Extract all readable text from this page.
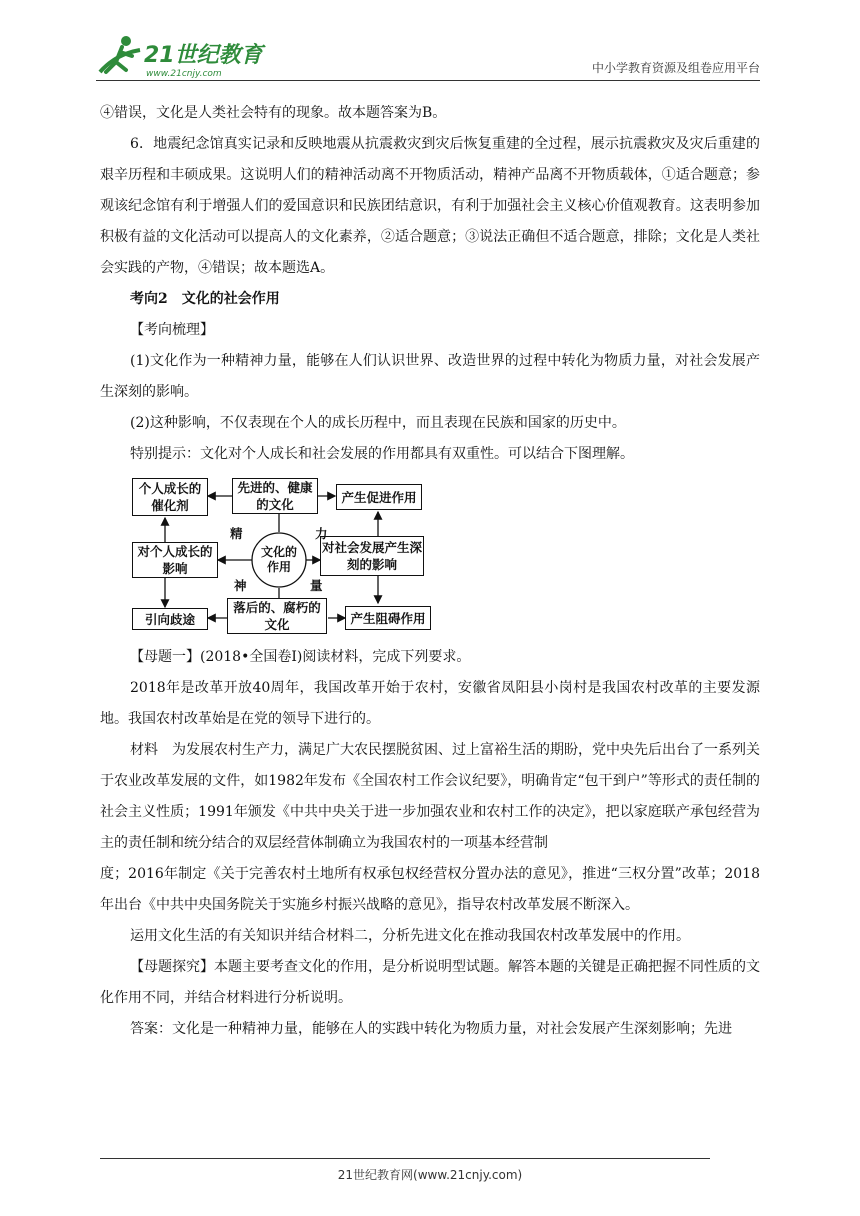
21世纪教育
www.21cnjy.com	中小学教育资源及组卷应用平台

④错误，文化是人类社会特有的现象。故本题答案为B。

6．地震纪念馆真实记录和反映地震从抗震救灾到灾后恢复重建的全过程，展示抗震救灾及灾后重建的艰辛历程和丰硕成果。这说明人们的精神活动离不开物质活动，精神产品离不开物质载体，①适合题意；参观该纪念馆有利于增强人们的爱国意识和民族团结意识，有利于加强社会主义核心价值观教育。这表明参加积极有益的文化活动可以提高人的文化素养，②适合题意；③说法正确但不适合题意，排除；文化是人类社会实践的产物，④错误；故本题选A。

考向2　文化的社会作用

【考向梳理】

(1)文化作为一种精神力量，能够在人们认识世界、改造世界的过程中转化为物质力量，对社会发展产生深刻的影响。

(2)这种影响，不仅表现在个人的成长历程中，而且表现在民族和国家的历史中。

特别提示：文化对个人成长和社会发展的作用都具有双重性。可以结合下图理解。

个人成长的催化剂
先进的、健康的文化	产生促进作用
对个人成长的影响
文化的作用
对社会发展产生深刻的影响
引向歧途
落后的、腐朽的文化	产生阻碍作用
精	力
神	量

【母题一】(2018•全国卷Ⅰ)阅读材料，完成下列要求。

2018年是改革开放40周年，我国改革开始于农村，安徽省凤阳县小岗村是我国农村改革的主要发源地。我国农村改革始是在党的领导下进行的。

材料　为发展农村生产力，满足广大农民摆脱贫困、过上富裕生活的期盼，党中央先后出台了一系列关于农业改革发展的文件，如1982年发布《全国农村工作会议纪要》，明确肯定“包干到户”等形式的责任制的社会主义性质；1991年颁发《中共中央关于进一步加强农业和农村工作的决定》，把以家庭联产承包经营为主的责任制和统分结合的双层经营体制确立为我国农村的一项基本经营制

度；2016年制定《关于完善农村土地所有权承包权经营权分置办法的意见》，推进“三权分置”改革；2018年出台《中共中央国务院关于实施乡村振兴战略的意见》，指导农村改革发展不断深入。

运用文化生活的有关知识并结合材料二，分析先进文化在推动我国农村改革发展中的作用。

【母题探究】本题主要考查文化的作用，是分析说明型试题。解答本题的关键是正确把握不同性质的文化作用不同，并结合材料进行分析说明。

答案：文化是一种精神力量，能够在人的实践中转化为物质力量，对社会发展产生深刻影响；先进

21世纪教育网(www.21cnjy.com)
